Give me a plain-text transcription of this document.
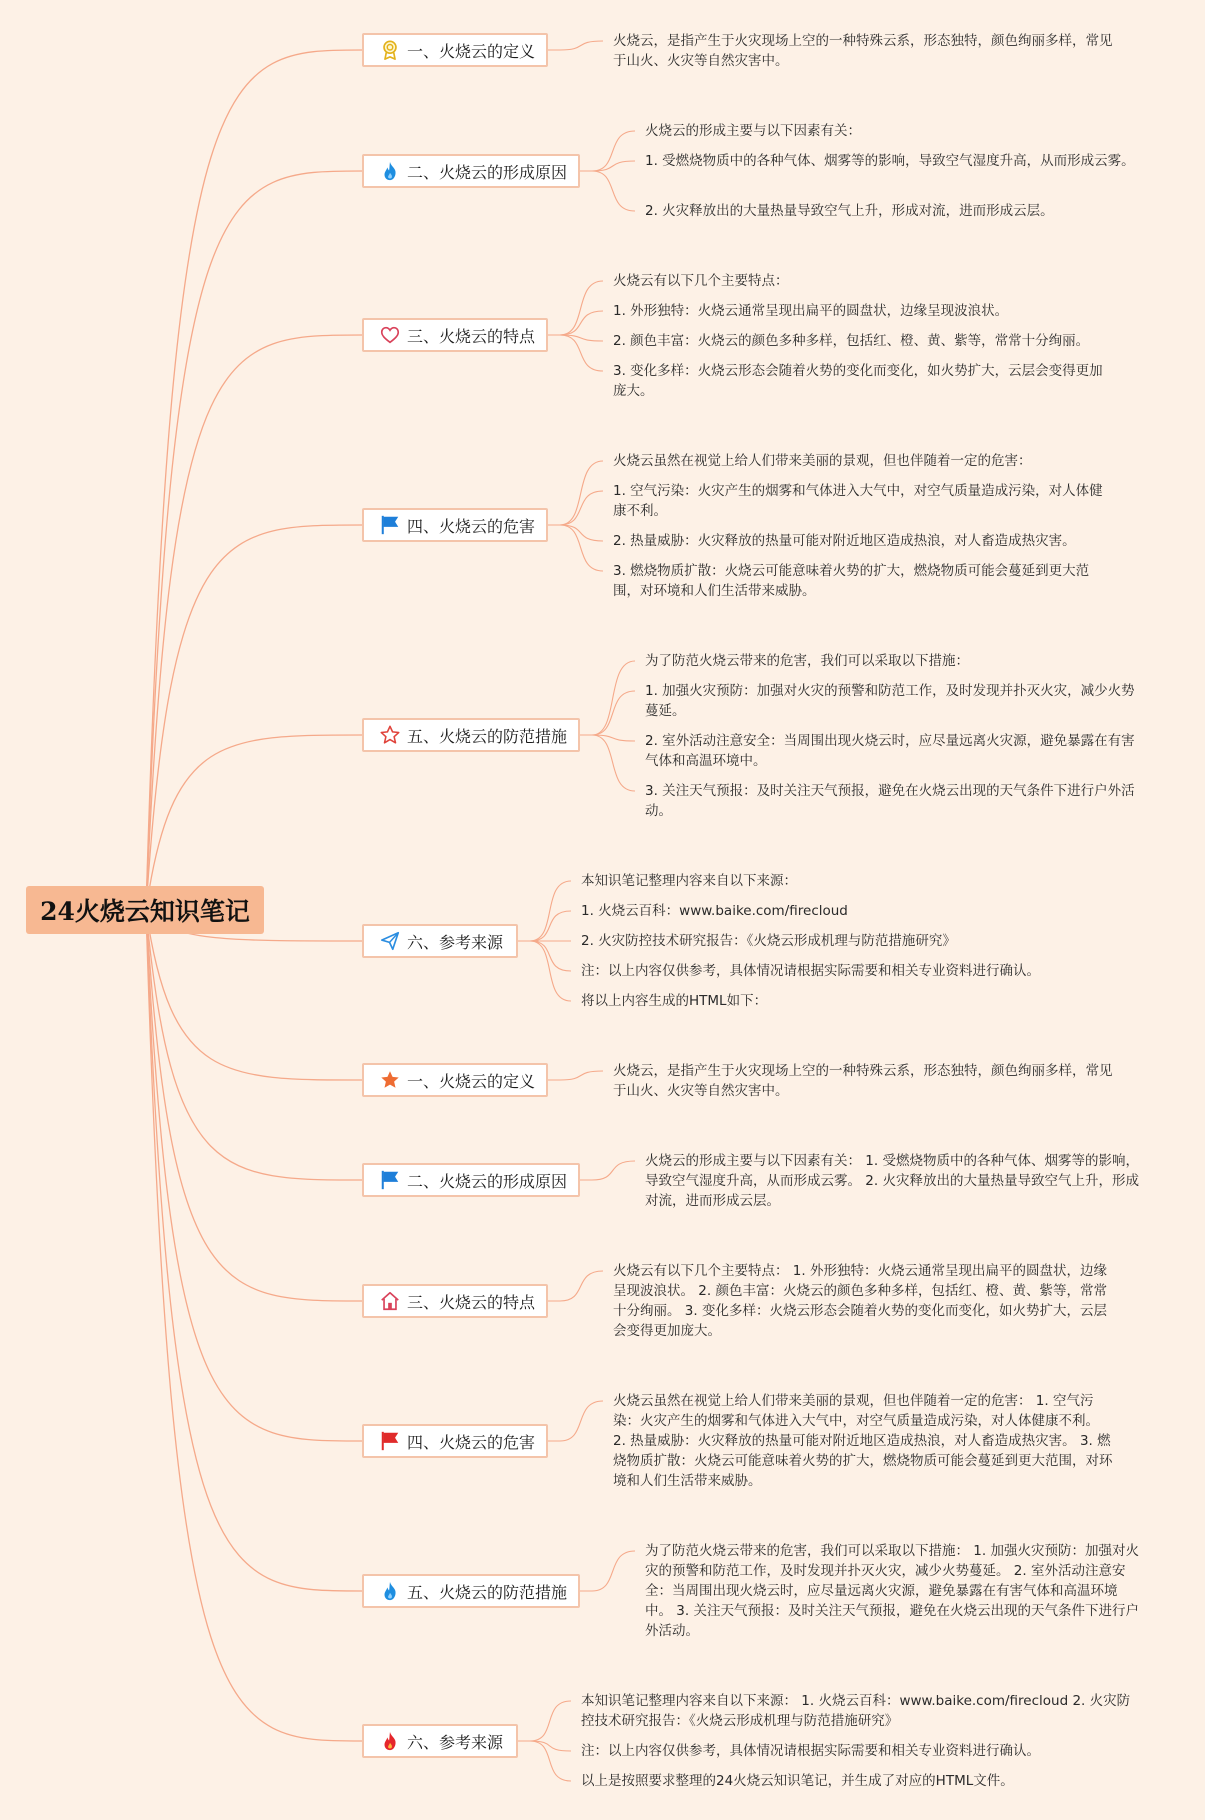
24火烧云知识笔记
一、火烧云的定义
二、火烧云的形成原因
三、火烧云的特点
四、火烧云的危害
五、火烧云的防范措施
六、参考来源
一、火烧云的定义
二、火烧云的形成原因
三、火烧云的特点
四、火烧云的危害
五、火烧云的防范措施
六、参考来源
火烧云，是指产生于火灾现场上空的一种特殊云系，形态独特，颜色绚丽多样，常见于山火、火灾等自然灾害中。
火烧云的形成主要与以下因素有关：
1. 受燃烧物质中的各种气体、烟雾等的影响，导致空气湿度升高，从而形成云雾。
2. 火灾释放出的大量热量导致空气上升，形成对流，进而形成云层。
火烧云有以下几个主要特点：
1. 外形独特：火烧云通常呈现出扁平的圆盘状，边缘呈现波浪状。
2. 颜色丰富：火烧云的颜色多种多样，包括红、橙、黄、紫等，常常十分绚丽。
3. 变化多样：火烧云形态会随着火势的变化而变化，如火势扩大，云层会变得更加庞大。
火烧云虽然在视觉上给人们带来美丽的景观，但也伴随着一定的危害：
1. 空气污染：火灾产生的烟雾和气体进入大气中，对空气质量造成污染，对人体健康不利。
2. 热量威胁：火灾释放的热量可能对附近地区造成热浪，对人畜造成热灾害。
3. 燃烧物质扩散：火烧云可能意味着火势的扩大，燃烧物质可能会蔓延到更大范围，对环境和人们生活带来威胁。
为了防范火烧云带来的危害，我们可以采取以下措施：
1. 加强火灾预防：加强对火灾的预警和防范工作，及时发现并扑灭火灾，减少火势蔓延。
2. 室外活动注意安全：当周围出现火烧云时，应尽量远离火灾源，避免暴露在有害气体和高温环境中。
3. 关注天气预报：及时关注天气预报，避免在火烧云出现的天气条件下进行户外活动。
本知识笔记整理内容来自以下来源：
1. 火烧云百科：www.baike.com/firecloud
2. 火灾防控技术研究报告：《火烧云形成机理与防范措施研究》
注：以上内容仅供参考，具体情况请根据实际需要和相关专业资料进行确认。
将以上内容生成的HTML如下：
火烧云，是指产生于火灾现场上空的一种特殊云系，形态独特，颜色绚丽多样，常见于山火、火灾等自然灾害中。
火烧云的形成主要与以下因素有关： 1. 受燃烧物质中的各种气体、烟雾等的影响，导致空气湿度升高，从而形成云雾。 2. 火灾释放出的大量热量导致空气上升，形成对流，进而形成云层。
火烧云有以下几个主要特点： 1. 外形独特：火烧云通常呈现出扁平的圆盘状，边缘呈现波浪状。 2. 颜色丰富：火烧云的颜色多种多样，包括红、橙、黄、紫等，常常十分绚丽。 3. 变化多样：火烧云形态会随着火势的变化而变化，如火势扩大，云层会变得更加庞大。
火烧云虽然在视觉上给人们带来美丽的景观，但也伴随着一定的危害： 1. 空气污染：火灾产生的烟雾和气体进入大气中，对空气质量造成污染，对人体健康不利。 2. 热量威胁：火灾释放的热量可能对附近地区造成热浪，对人畜造成热灾害。 3. 燃烧物质扩散：火烧云可能意味着火势的扩大，燃烧物质可能会蔓延到更大范围，对环境和人们生活带来威胁。
为了防范火烧云带来的危害，我们可以采取以下措施： 1. 加强火灾预防：加强对火灾的预警和防范工作，及时发现并扑灭火灾，减少火势蔓延。 2. 室外活动注意安全：当周围出现火烧云时，应尽量远离火灾源，避免暴露在有害气体和高温环境中。 3. 关注天气预报：及时关注天气预报，避免在火烧云出现的天气条件下进行户外活动。
本知识笔记整理内容来自以下来源： 1. 火烧云百科：www.baike.com/firecloud 2. 火灾防控技术研究报告：《火烧云形成机理与防范措施研究》
注：以上内容仅供参考，具体情况请根据实际需要和相关专业资料进行确认。
以上是按照要求整理的24火烧云知识笔记，并生成了对应的HTML文件。
